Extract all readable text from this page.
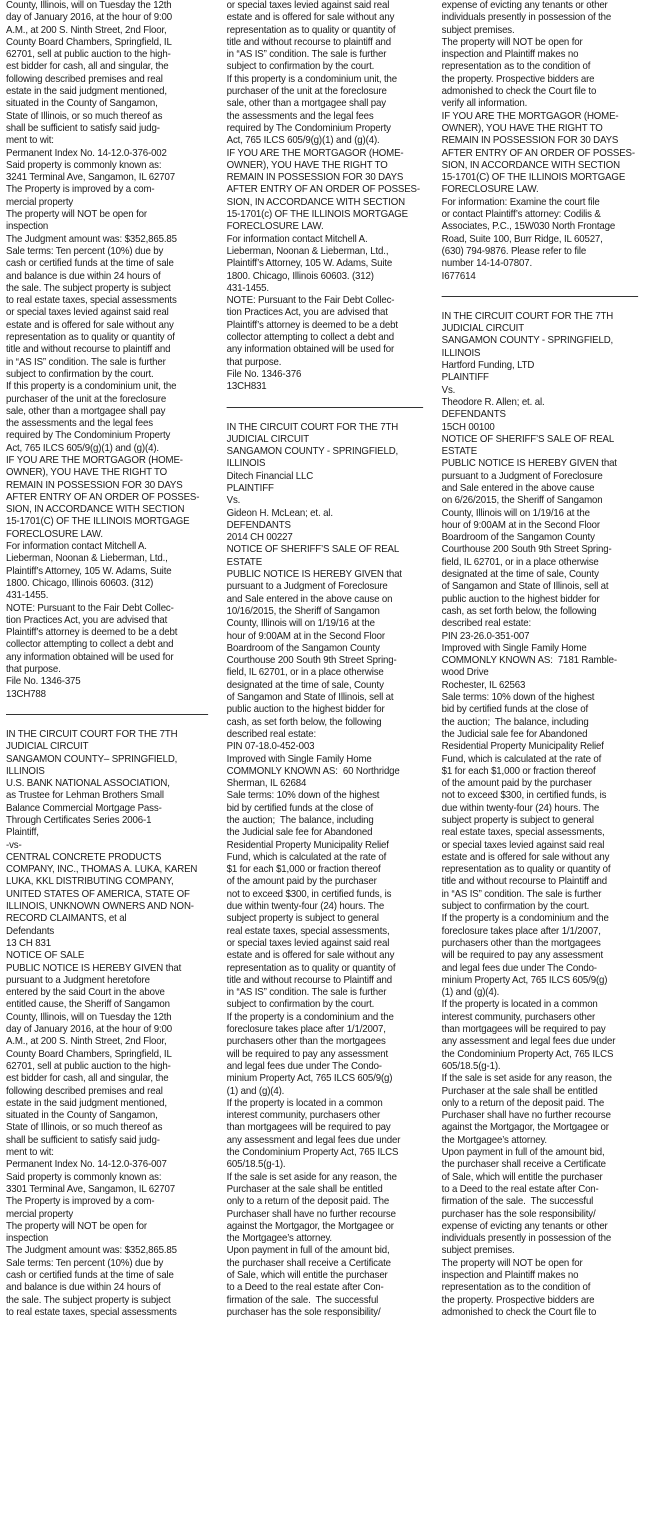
County, Illinois, will on Tuesday the 12th
day of January 2016, at the hour of 9:00
A.M., at 200 S. Ninth Street, 2nd Floor,
County Board Chambers, Springfield, IL
62701, sell at public auction to the high-
est bidder for cash, all and singular, the
following described premises and real
estate in the said judgment mentioned,
situated in the County of Sangamon,
State of Illinois, or so much thereof as
shall be sufficient to satisfy said judg-
ment to wit:
Permanent Index No. 14-12.0-376-002
Said property is commonly known as:
3241 Terminal Ave, Sangamon, IL 62707
The Property is improved by a com-
mercial property
The property will NOT be open for
inspection
The Judgment amount was: $352,865.85
Sale terms: Ten percent (10%) due by
cash or certified funds at the time of sale
and balance is due within 24 hours of
the sale. The subject property is subject
to real estate taxes, special assessments
or special taxes levied against said real
estate and is offered for sale without any
representation as to quality or quantity of
title and without recourse to plaintiff and
in “AS IS” condition. The sale is further
subject to confirmation by the court.
If this property is a condominium unit, the
purchaser of the unit at the foreclosure
sale, other than a mortgagee shall pay
the assessments and the legal fees
required by The Condominium Property
Act, 765 ILCS 605/9(g)(1) and (g)(4).
IF YOU ARE THE MORTGAGOR (HOME-
OWNER), YOU HAVE THE RIGHT TO
REMAIN IN POSSESSION FOR 30 DAYS
AFTER ENTRY OF AN ORDER OF POSSES-
SION, IN ACCORDANCE WITH SECTION
15-1701(C) OF THE ILLINOIS MORTGAGE
FORECLOSURE LAW.
For information contact Mitchell A.
Lieberman, Noonan & Lieberman, Ltd.,
Plaintiff’s Attorney, 105 W. Adams, Suite
1800. Chicago, Illinois 60603. (312)
431-1455.
NOTE: Pursuant to the Fair Debt Collec-
tion Practices Act, you are advised that
Plaintiff’s attorney is deemed to be a debt
collector attempting to collect a debt and
any information obtained will be used for
that purpose.
File No. 1346-375
13CH788
IN THE CIRCUIT COURT FOR THE 7TH
JUDICIAL CIRCUIT
SANGAMON COUNTY– SPRINGFIELD,
ILLINOIS
U.S. BANK NATIONAL ASSOCIATION,
as Trustee for Lehman Brothers Small
Balance Commercial Mortgage Pass-
Through Certificates Series 2006-1
Plaintiff,
-vs-
CENTRAL CONCRETE PRODUCTS
COMPANY, INC., THOMAS A. LUKA, KAREN
LUKA, KKL DISTRIBUTING COMPANY,
UNITED STATES OF AMERICA, STATE OF
ILLINOIS, UNKNOWN OWNERS AND NON-
RECORD CLAIMANTS, et al
Defendants
13 CH 831
NOTICE OF SALE
PUBLIC NOTICE IS HEREBY GIVEN that
pursuant to a Judgment heretofore
entered by the said Court in the above
entitled cause, the Sheriff of Sangamon
County, Illinois, will on Tuesday the 12th
day of January 2016, at the hour of 9:00
A.M., at 200 S. Ninth Street, 2nd Floor,
County Board Chambers, Springfield, IL
62701, sell at public auction to the high-
est bidder for cash, all and singular, the
following described premises and real
estate in the said judgment mentioned,
situated in the County of Sangamon,
State of Illinois, or so much thereof as
shall be sufficient to satisfy said judg-
ment to wit:
Permanent Index No. 14-12.0-376-007
Said property is commonly known as:
3301 Terminal Ave, Sangamon, IL 62707
The Property is improved by a com-
mercial property
The property will NOT be open for
inspection
The Judgment amount was: $352,865.85
Sale terms: Ten percent (10%) due by
cash or certified funds at the time of sale
and balance is due within 24 hours of
the sale. The subject property is subject
to real estate taxes, special assessments
or special taxes levied against said real
estate and is offered for sale without any
representation as to quality or quantity of
title and without recourse to plaintiff and
in “AS IS” condition. The sale is further
subject to confirmation by the court.
If this property is a condominium unit, the
purchaser of the unit at the foreclosure
sale, other than a mortgagee shall pay
the assessments and the legal fees
required by The Condominium Property
Act, 765 ILCS 605/9(g)(1) and (g)(4).
IF YOU ARE THE MORTGAGOR (HOME-
OWNER), YOU HAVE THE RIGHT TO
REMAIN IN POSSESSION FOR 30 DAYS
AFTER ENTRY OF AN ORDER OF POSSES-
SION, IN ACCORDANCE WITH SECTION
15-1701(c) OF THE ILLINOIS MORTGAGE
FORECLOSURE LAW.
For information contact Mitchell A.
Lieberman, Noonan & Lieberman, Ltd.,
Plaintiff’s Attorney, 105 W. Adams, Suite
1800. Chicago, Illinois 60603. (312)
431-1455.
NOTE: Pursuant to the Fair Debt Collec-
tion Practices Act, you are advised that
Plaintiff’s attorney is deemed to be a debt
collector attempting to collect a debt and
any information obtained will be used for
that purpose.
File No. 1346-376
13CH831
IN THE CIRCUIT COURT FOR THE 7TH
JUDICIAL CIRCUIT
SANGAMON COUNTY - SPRINGFIELD,
ILLINOIS
Ditech Financial LLC
PLAINTIFF
Vs.
Gideon H. McLean; et. al.
DEFENDANTS
2014 CH 00227
NOTICE OF SHERIFF’S SALE OF REAL
ESTATE
PUBLIC NOTICE IS HEREBY GIVEN that
pursuant to a Judgment of Foreclosure
and Sale entered in the above cause on
10/16/2015, the Sheriff of Sangamon
County, Illinois will on 1/19/16 at the
hour of 9:00AM at in the Second Floor
Boardroom of the Sangamon County
Courthouse 200 South 9th Street Spring-
field, IL 62701, or in a place otherwise
designated at the time of sale, County
of Sangamon and State of Illinois, sell at
public auction to the highest bidder for
cash, as set forth below, the following
described real estate:
PIN 07-18.0-452-003
Improved with Single Family Home
COMMONLY KNOWN AS:  60 Northridge
Sherman, IL 62684
Sale terms: 10% down of the highest
bid by certified funds at the close of
the auction;  The balance, including
the Judicial sale fee for Abandoned
Residential Property Municipality Relief
Fund, which is calculated at the rate of
$1 for each $1,000 or fraction thereof
of the amount paid by the purchaser
not to exceed $300, in certified funds, is
due within twenty-four (24) hours. The
subject property is subject to general
real estate taxes, special assessments,
or special taxes levied against said real
estate and is offered for sale without any
representation as to quality or quantity of
title and without recourse to Plaintiff and
in “AS IS” condition. The sale is further
subject to confirmation by the court.
If the property is a condominium and the
foreclosure takes place after 1/1/2007,
purchasers other than the mortgagees
will be required to pay any assessment
and legal fees due under The Condo-
minium Property Act, 765 ILCS 605/9(g)
(1) and (g)(4).
If the property is located in a common
interest community, purchasers other
than mortgagees will be required to pay
any assessment and legal fees due under
the Condominium Property Act, 765 ILCS
605/18.5(g-1).
If the sale is set aside for any reason, the
Purchaser at the sale shall be entitled
only to a return of the deposit paid. The
Purchaser shall have no further recourse
against the Mortgagor, the Mortgagee or
the Mortgagee’s attorney.
Upon payment in full of the amount bid,
the purchaser shall receive a Certificate
of Sale, which will entitle the purchaser
to a Deed to the real estate after Con-
firmation of the sale.  The successful
purchaser has the sole responsibility/
expense of evicting any tenants or other
individuals presently in possession of the
subject premises.
The property will NOT be open for
inspection and Plaintiff makes no
representation as to the condition of
the property. Prospective bidders are
admonished to check the Court file to
verify all information.
IF YOU ARE THE MORTGAGOR (HOME-
OWNER), YOU HAVE THE RIGHT TO
REMAIN IN POSSESSION FOR 30 DAYS
AFTER ENTRY OF AN ORDER OF POSSES-
SION, IN ACCORDANCE WITH SECTION
15-1701(C) OF THE ILLINOIS MORTGAGE
FORECLOSURE LAW.
For information: Examine the court file
or contact Plaintiff’s attorney: Codilis &
Associates, P.C., 15W030 North Frontage
Road, Suite 100, Burr Ridge, IL 60527,
(630) 794-9876. Please refer to file
number 14-14-07807.
I677614
IN THE CIRCUIT COURT FOR THE 7TH
JUDICIAL CIRCUIT
SANGAMON COUNTY - SPRINGFIELD,
ILLINOIS
Hartford Funding, LTD
PLAINTIFF
Vs.
Theodore R. Allen; et. al.
DEFENDANTS
15CH 00100
NOTICE OF SHERIFF’S SALE OF REAL
ESTATE
PUBLIC NOTICE IS HEREBY GIVEN that
pursuant to a Judgment of Foreclosure
and Sale entered in the above cause
on 6/26/2015, the Sheriff of Sangamon
County, Illinois will on 1/19/16 at the
hour of 9:00AM at in the Second Floor
Boardroom of the Sangamon County
Courthouse 200 South 9th Street Spring-
field, IL 62701, or in a place otherwise
designated at the time of sale, County
of Sangamon and State of Illinois, sell at
public auction to the highest bidder for
cash, as set forth below, the following
described real estate:
PIN 23-26.0-351-007
Improved with Single Family Home
COMMONLY KNOWN AS:  7181 Ramble-
wood Drive
Rochester, IL 62563
Sale terms: 10% down of the highest
bid by certified funds at the close of
the auction;  The balance, including
the Judicial sale fee for Abandoned
Residential Property Municipality Relief
Fund, which is calculated at the rate of
$1 for each $1,000 or fraction thereof
of the amount paid by the purchaser
not to exceed $300, in certified funds, is
due within twenty-four (24) hours. The
subject property is subject to general
real estate taxes, special assessments,
or special taxes levied against said real
estate and is offered for sale without any
representation as to quality or quantity of
title and without recourse to Plaintiff and
in “AS IS” condition. The sale is further
subject to confirmation by the court.
If the property is a condominium and the
foreclosure takes place after 1/1/2007,
purchasers other than the mortgagees
will be required to pay any assessment
and legal fees due under The Condo-
minium Property Act, 765 ILCS 605/9(g)
(1) and (g)(4).
If the property is located in a common
interest community, purchasers other
than mortgagees will be required to pay
any assessment and legal fees due under
the Condominium Property Act, 765 ILCS
605/18.5(g-1).
If the sale is set aside for any reason, the
Purchaser at the sale shall be entitled
only to a return of the deposit paid. The
Purchaser shall have no further recourse
against the Mortgagor, the Mortgagee or
the Mortgagee’s attorney.
Upon payment in full of the amount bid,
the purchaser shall receive a Certificate
of Sale, which will entitle the purchaser
to a Deed to the real estate after Con-
firmation of the sale.  The successful
purchaser has the sole responsibility/
expense of evicting any tenants or other
individuals presently in possession of the
subject premises.
The property will NOT be open for
inspection and Plaintiff makes no
representation as to the condition of
the property. Prospective bidders are
admonished to check the Court file to
